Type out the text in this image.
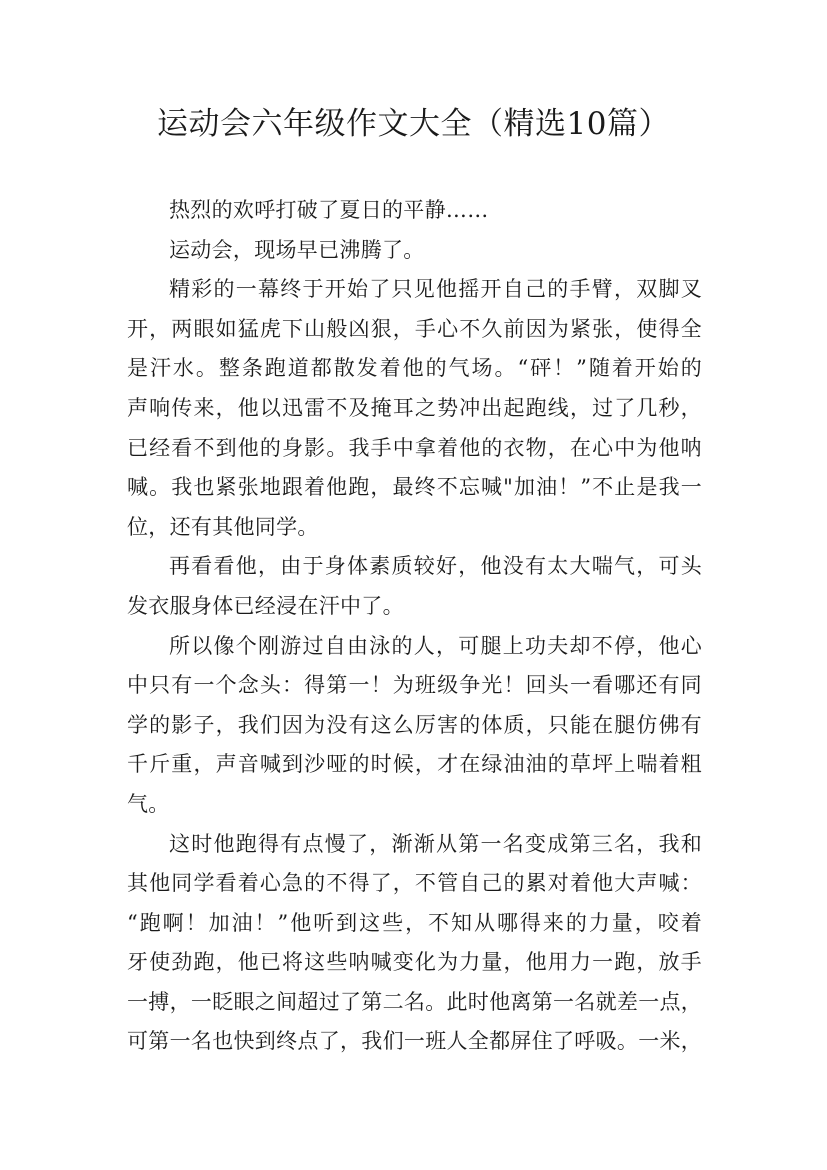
运动会六年级作文大全（精选10篇）
热烈的欢呼打破了夏日的平静……
运动会，现场早已沸腾了。
精彩的一幕终于开始了只见他摇开自己的手臂，双脚叉
开，两眼如猛虎下山般凶狠，手心不久前因为紧张，使得全
是汗水。整条跑道都散发着他的气场。“砰！”随着开始的
声响传来，他以迅雷不及掩耳之势冲出起跑线，过了几秒，
已经看不到他的身影。我手中拿着他的衣物，在心中为他呐
喊。我也紧张地跟着他跑，最终不忘喊"加油！”不止是我一
位，还有其他同学。
再看看他，由于身体素质较好，他没有太大喘气，可头
发衣服身体已经浸在汗中了。
所以像个刚游过自由泳的人，可腿上功夫却不停，他心
中只有一个念头：得第一！为班级争光！回头一看哪还有同
学的影子，我们因为没有这么厉害的体质，只能在腿仿佛有
千斤重，声音喊到沙哑的时候，才在绿油油的草坪上喘着粗
气。
这时他跑得有点慢了，渐渐从第一名变成第三名，我和
其他同学看着心急的不得了，不管自己的累对着他大声喊：
“跑啊！加油！”他听到这些，不知从哪得来的力量，咬着
牙使劲跑，他已将这些呐喊变化为力量，他用力一跑，放手
一搏，一眨眼之间超过了第二名。此时他离第一名就差一点，
可第一名也快到终点了，我们一班人全都屏住了呼吸。一米，
